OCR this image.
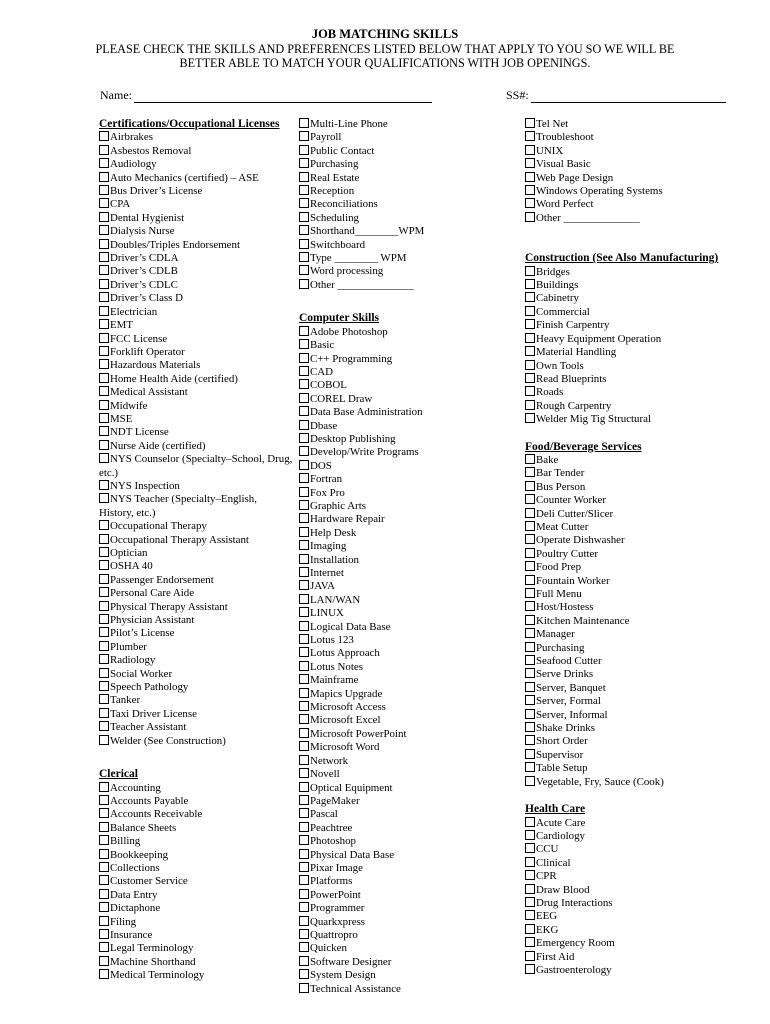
JOB MATCHING SKILLS
PLEASE CHECK THE SKILLS AND PREFERENCES LISTED BELOW THAT APPLY TO YOU SO WE WILL BE BETTER ABLE TO MATCH YOUR QUALIFICATIONS WITH JOB OPENINGS.
Name:	SS#:
Certifications/Occupational Licenses
Airbrakes
Asbestos Removal
Audiology
Auto Mechanics (certified) – ASE
Bus Driver’s License
CPA
Dental Hygienist
Dialysis Nurse
Doubles/Triples Endorsement
Driver’s CDLA
Driver’s CDLB
Driver’s CDLC
Driver’s Class D
Electrician
EMT
FCC License
Forklift Operator
Hazardous Materials
Home Health Aide (certified)
Medical Assistant
Midwife
MSE
NDT License
Nurse Aide (certified)
NYS Counselor (Specialty–School, Drug, etc.)
NYS Inspection
NYS Teacher (Specialty–English, History, etc.)
Occupational Therapy
Occupational Therapy Assistant
Optician
OSHA 40
Passenger Endorsement
Personal Care Aide
Physical Therapy Assistant
Physician Assistant
Pilot’s License
Plumber
Radiology
Social Worker
Speech Pathology
Tanker
Taxi Driver License
Teacher Assistant
Welder (See Construction)
Clerical
Accounting
Accounts Payable
Accounts Receivable
Balance Sheets
Billing
Bookkeeping
Collections
Customer Service
Data Entry
Dictaphone
Filing
Insurance
Legal Terminology
Machine Shorthand
Medical Terminology
Multi-Line Phone
Payroll
Public Contact
Purchasing
Real Estate
Reception
Reconciliations
Scheduling
Shorthand________WPM
Switchboard
Type ________ WPM
Word processing
Other ______________
Computer Skills
Adobe Photoshop
Basic
C++ Programming
CAD
COBOL
COREL Draw
Data Base Administration
Dbase
Desktop Publishing
Develop/Write Programs
DOS
Fortran
Fox Pro
Graphic Arts
Hardware Repair
Help Desk
Imaging
Installation
Internet
JAVA
LAN/WAN
LINUX
Logical Data Base
Lotus 123
Lotus Approach
Lotus Notes
Mainframe
Mapics Upgrade
Microsoft Access
Microsoft Excel
Microsoft PowerPoint
Microsoft Word
Network
Novell
Optical Equipment
PageMaker
Pascal
Peachtree
Photoshop
Physical Data Base
Pixar Image
Platforms
PowerPoint
Programmer
Quarkxpress
Quattropro
Quicken
Software Designer
System Design
Technical Assistance
Tel Net
Troubleshoot
UNIX
Visual Basic
Web Page Design
Windows Operating Systems
Word Perfect
Other ______________
Construction (See Also Manufacturing)
Bridges
Buildings
Cabinetry
Commercial
Finish Carpentry
Heavy Equipment Operation
Material Handling
Own Tools
Read Blueprints
Roads
Rough Carpentry
Welder Mig Tig Structural
Food/Beverage Services
Bake
Bar Tender
Bus Person
Counter Worker
Deli Cutter/Slicer
Meat Cutter
Operate Dishwasher
Poultry Cutter
Food Prep
Fountain Worker
Full Menu
Host/Hostess
Kitchen Maintenance
Manager
Purchasing
Seafood Cutter
Serve Drinks
Server, Banquet
Server, Formal
Server, Informal
Shake Drinks
Short Order
Supervisor
Table Setup
Vegetable, Fry, Sauce (Cook)
Health Care
Acute Care
Cardiology
CCU
Clinical
CPR
Draw Blood
Drug Interactions
EEG
EKG
Emergency Room
First Aid
Gastroenterology
